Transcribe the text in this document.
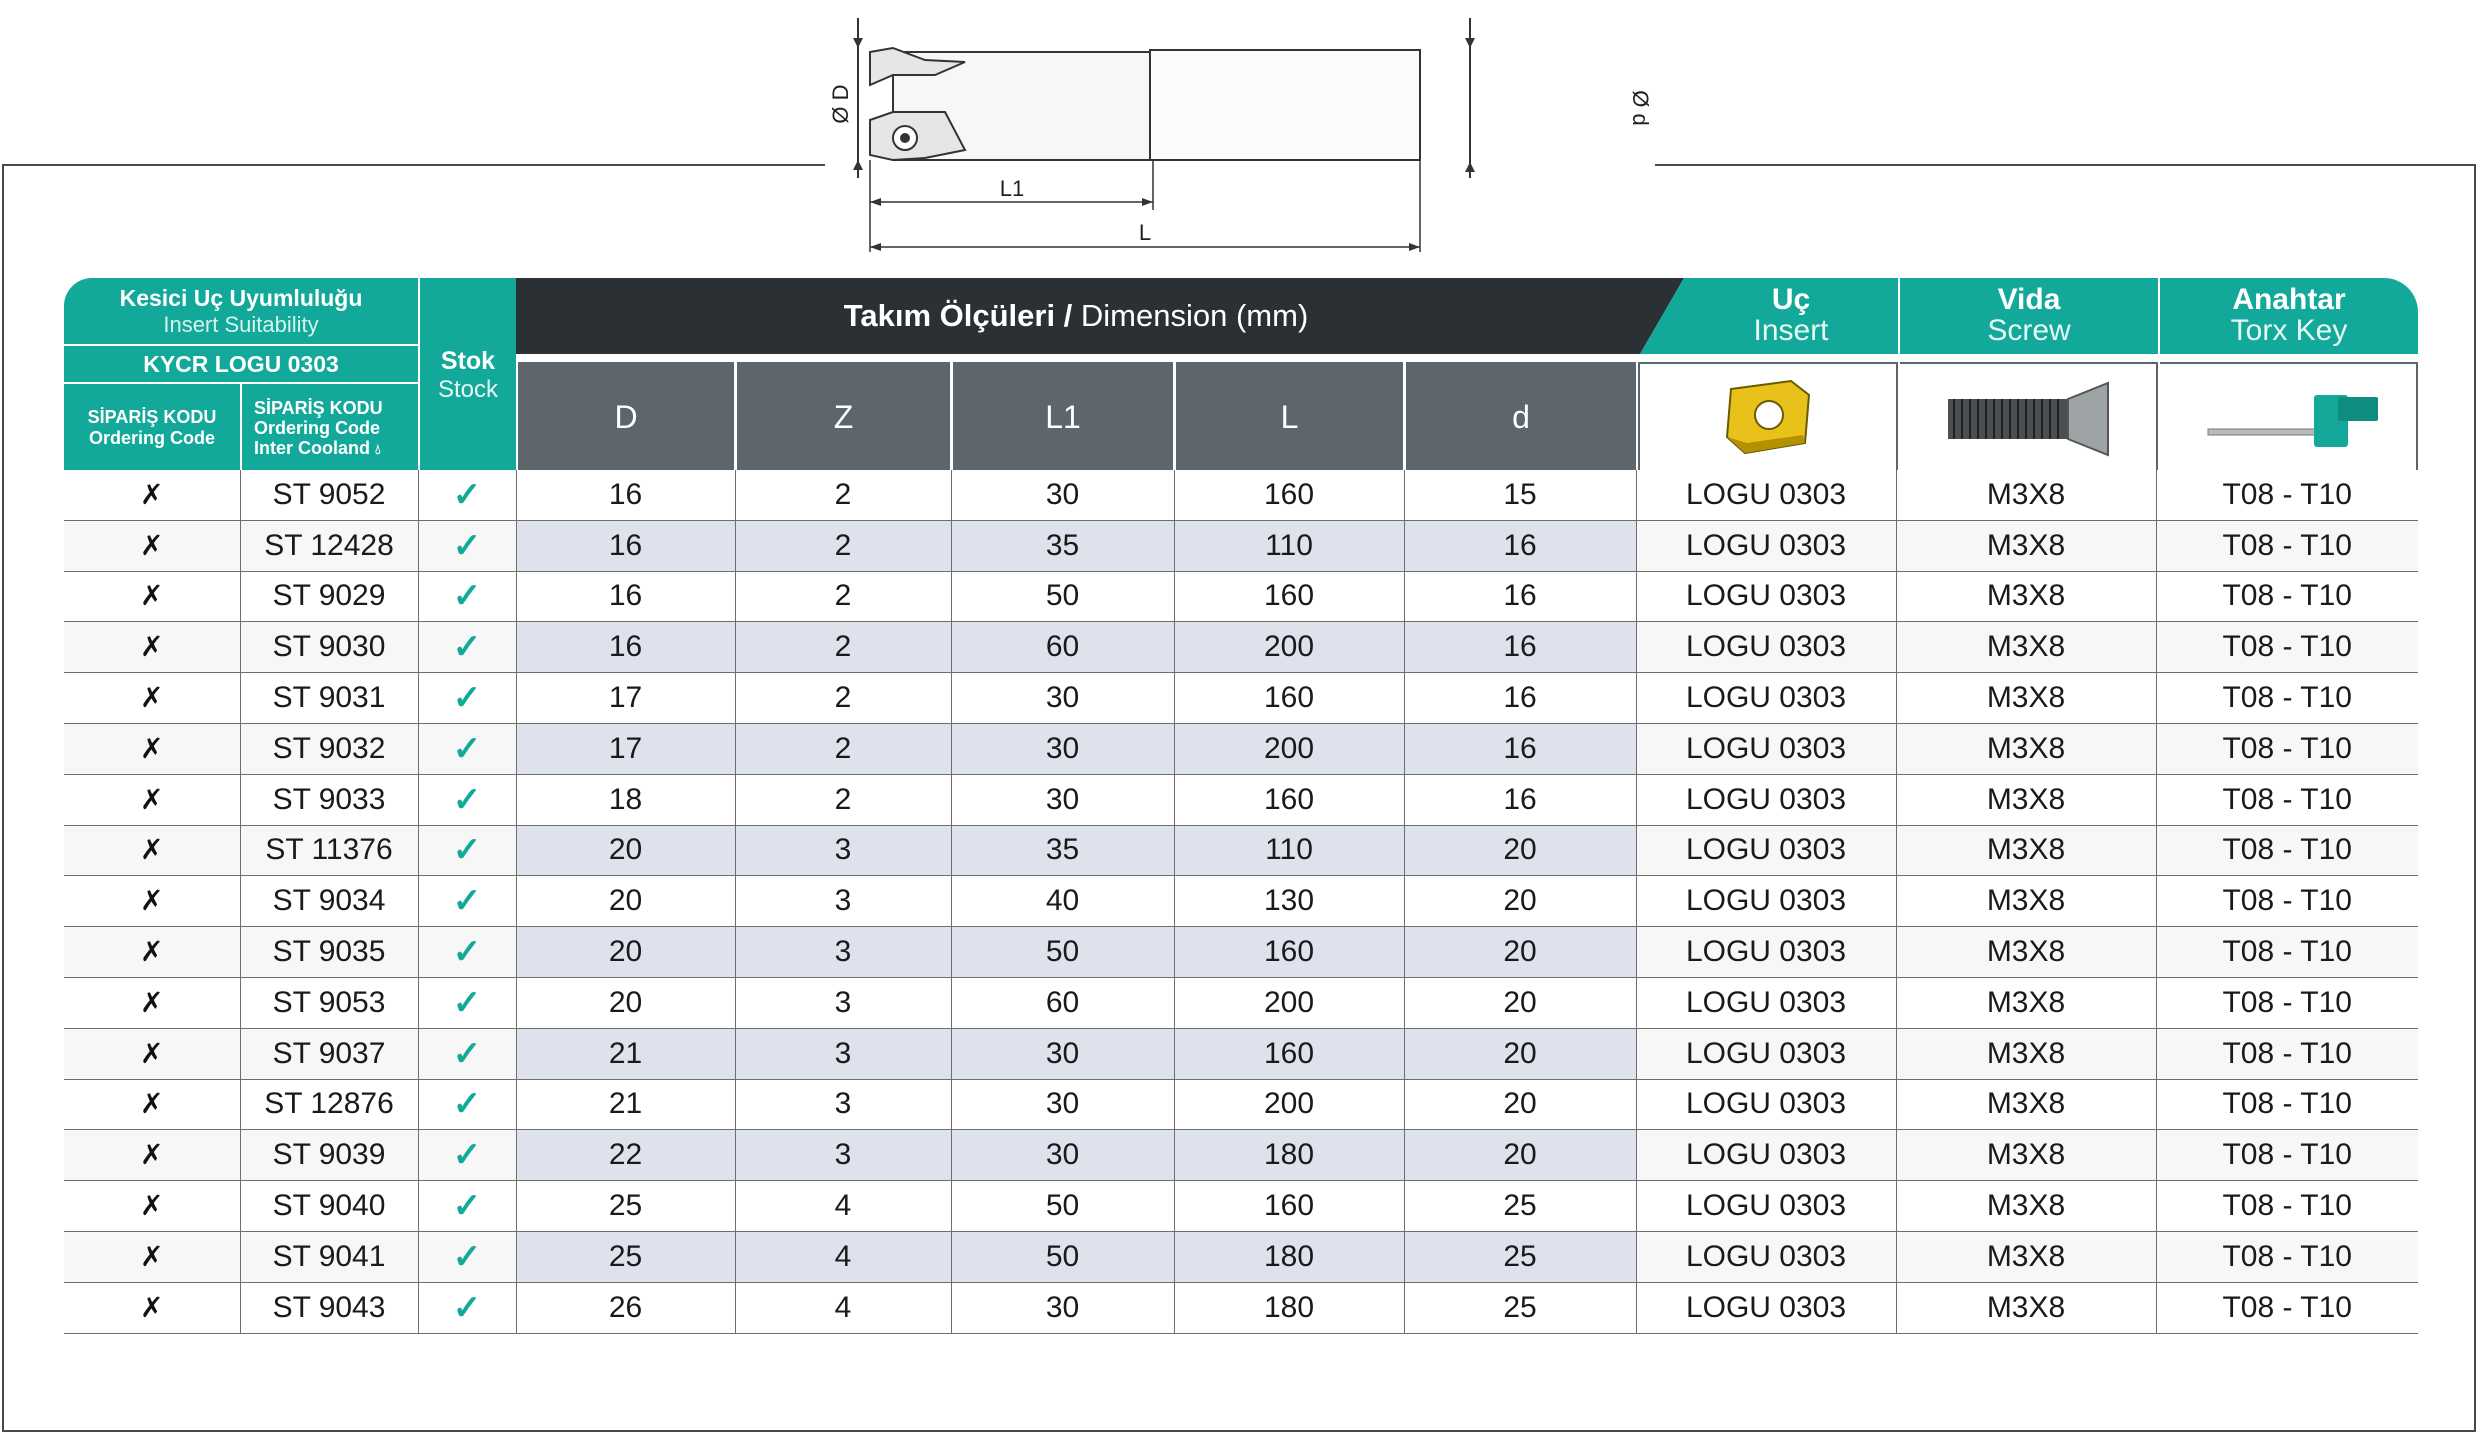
Ø D	Ø d
L1
L
Kesici Uç Uyumluluğu
Insert Suitability
KYCR LOGU 0303
SİPARİŞ KODU
Ordering Code
SİPARİŞ KODU
Ordering Code
Inter Cooland 💧︎
Stok
Stock
Takım Ölçüleri / Dimension (mm)	Uç
Insert
Vida
Screw
Anahtar
Torx Key
D	Z	L1	L	d
✗	ST 9052	✓	16	2	30	160	15	LOGU 0303	M3X8	T08 - T10
✗	ST 12428	✓	16	2	35	110	16	LOGU 0303	M3X8	T08 - T10
✗	ST 9029	✓	16	2	50	160	16	LOGU 0303	M3X8	T08 - T10
✗	ST 9030	✓	16	2	60	200	16	LOGU 0303	M3X8	T08 - T10
✗	ST 9031	✓	17	2	30	160	16	LOGU 0303	M3X8	T08 - T10
✗	ST 9032	✓	17	2	30	200	16	LOGU 0303	M3X8	T08 - T10
✗	ST 9033	✓	18	2	30	160	16	LOGU 0303	M3X8	T08 - T10
✗	ST 11376	✓	20	3	35	110	20	LOGU 0303	M3X8	T08 - T10
✗	ST 9034	✓	20	3	40	130	20	LOGU 0303	M3X8	T08 - T10
✗	ST 9035	✓	20	3	50	160	20	LOGU 0303	M3X8	T08 - T10
✗	ST 9053	✓	20	3	60	200	20	LOGU 0303	M3X8	T08 - T10
✗	ST 9037	✓	21	3	30	160	20	LOGU 0303	M3X8	T08 - T10
✗	ST 12876	✓	21	3	30	200	20	LOGU 0303	M3X8	T08 - T10
✗	ST 9039	✓	22	3	30	180	20	LOGU 0303	M3X8	T08 - T10
✗	ST 9040	✓	25	4	50	160	25	LOGU 0303	M3X8	T08 - T10
✗	ST 9041	✓	25	4	50	180	25	LOGU 0303	M3X8	T08 - T10
✗	ST 9043	✓	26	4	30	180	25	LOGU 0303	M3X8	T08 - T10
